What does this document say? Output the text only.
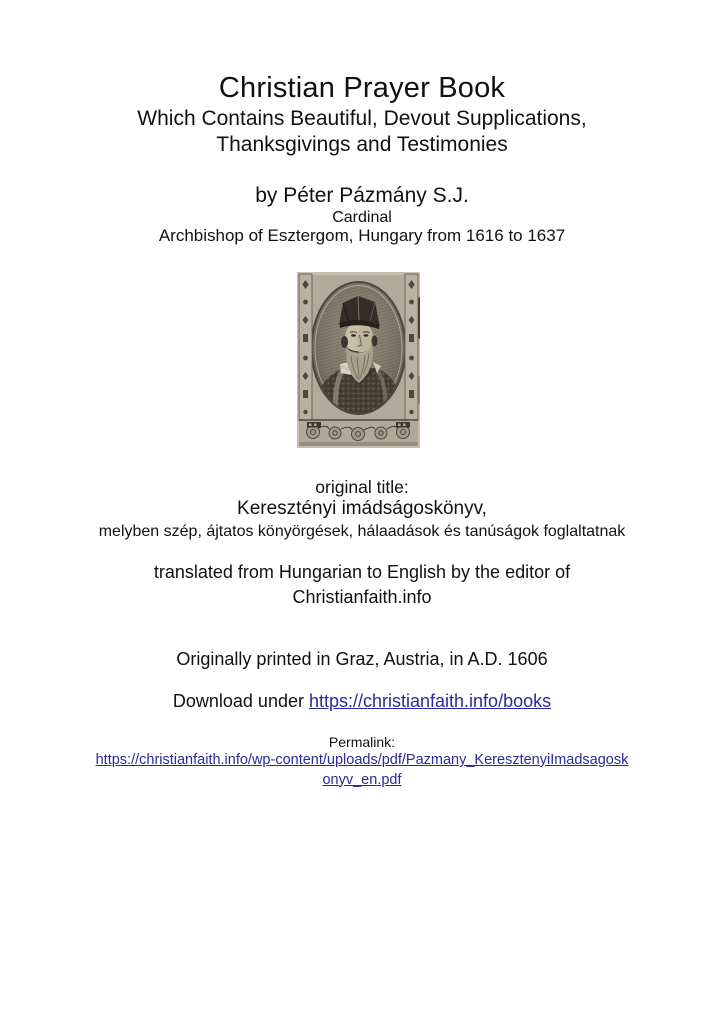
Christian Prayer Book
Which Contains Beautiful, Devout Supplications,
Thanksgivings and Testimonies
by Péter Pázmány S.J.
Cardinal
Archbishop of Esztergom, Hungary from 1616 to 1637
original title:
Keresztényi imádságoskönyv,
melyben szép, ájtatos könyörgések, hálaadások és tanúságok foglaltatnak
translated from Hungarian to English by the editor of
Christianfaith.info
Originally printed in Graz, Austria, in A.D. 1606
Download under https://christianfaith.info/books
Permalink:
https://christianfaith.info/wp-content/uploads/pdf/Pazmany_KeresztenyiImadsagosk
onyv_en.pdf
